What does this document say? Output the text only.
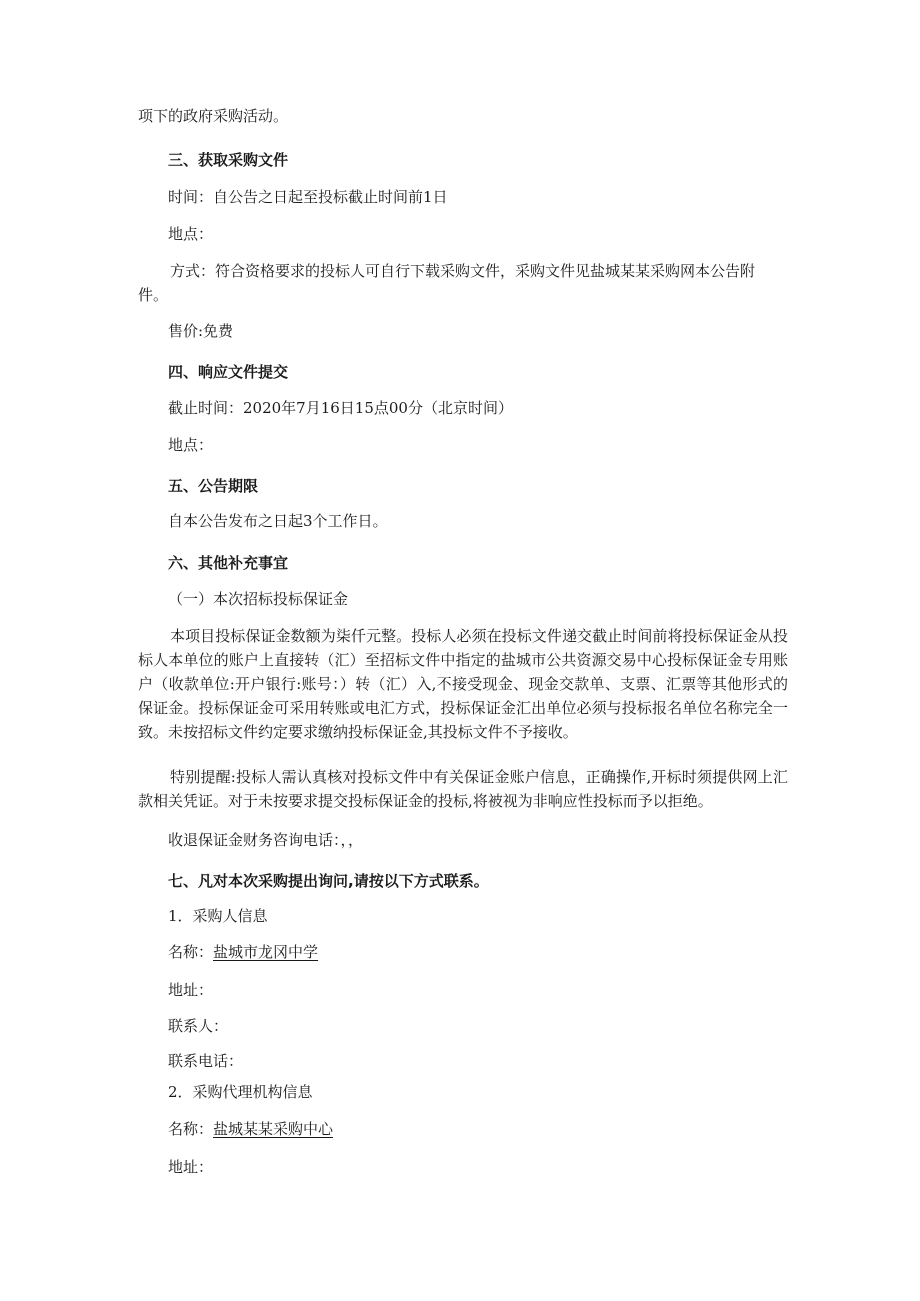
项下的政府采购活动。
三、获取采购文件
时间：自公告之日起至投标截止时间前1日
地点：
方式：符合资格要求的投标人可自行下载采购文件，采购文件见盐城某某采购网本公告附
件。
售价:免费
四、响应文件提交
截止时间：2020年7月16日15点00分（北京时间）
地点：
五、公告期限
自本公告发布之日起3个工作日。
六、其他补充事宜
（一）本次招标投标保证金
本项目投标保证金数额为柒仟元整。投标人必须在投标文件递交截止时间前将投标保证金从投标人本单位的账户上直接转（汇）至招标文件中指定的盐城市公共资源交易中心投标保证金专用账户（收款单位:开户银行:账号：）转（汇）入,不接受现金、现金交款单、支票、汇票等其他形式的保证金。投标保证金可采用转账或电汇方式，投标保证金汇出单位必须与投标报名单位名称完全一致。未按招标文件约定要求缴纳投标保证金,其投标文件不予接收。
特别提醒:投标人需认真核对投标文件中有关保证金账户信息，正确操作,开标时须提供网上汇款相关凭证。对于未按要求提交投标保证金的投标,将被视为非响应性投标而予以拒绝。
收退保证金财务咨询电话：，，
七、凡对本次采购提出询问,请按以下方式联系。
1．采购人信息
名称：盐城市龙冈中学
地址：
联系人：
联系电话：
2．采购代理机构信息
名称：盐城某某采购中心
地址：
